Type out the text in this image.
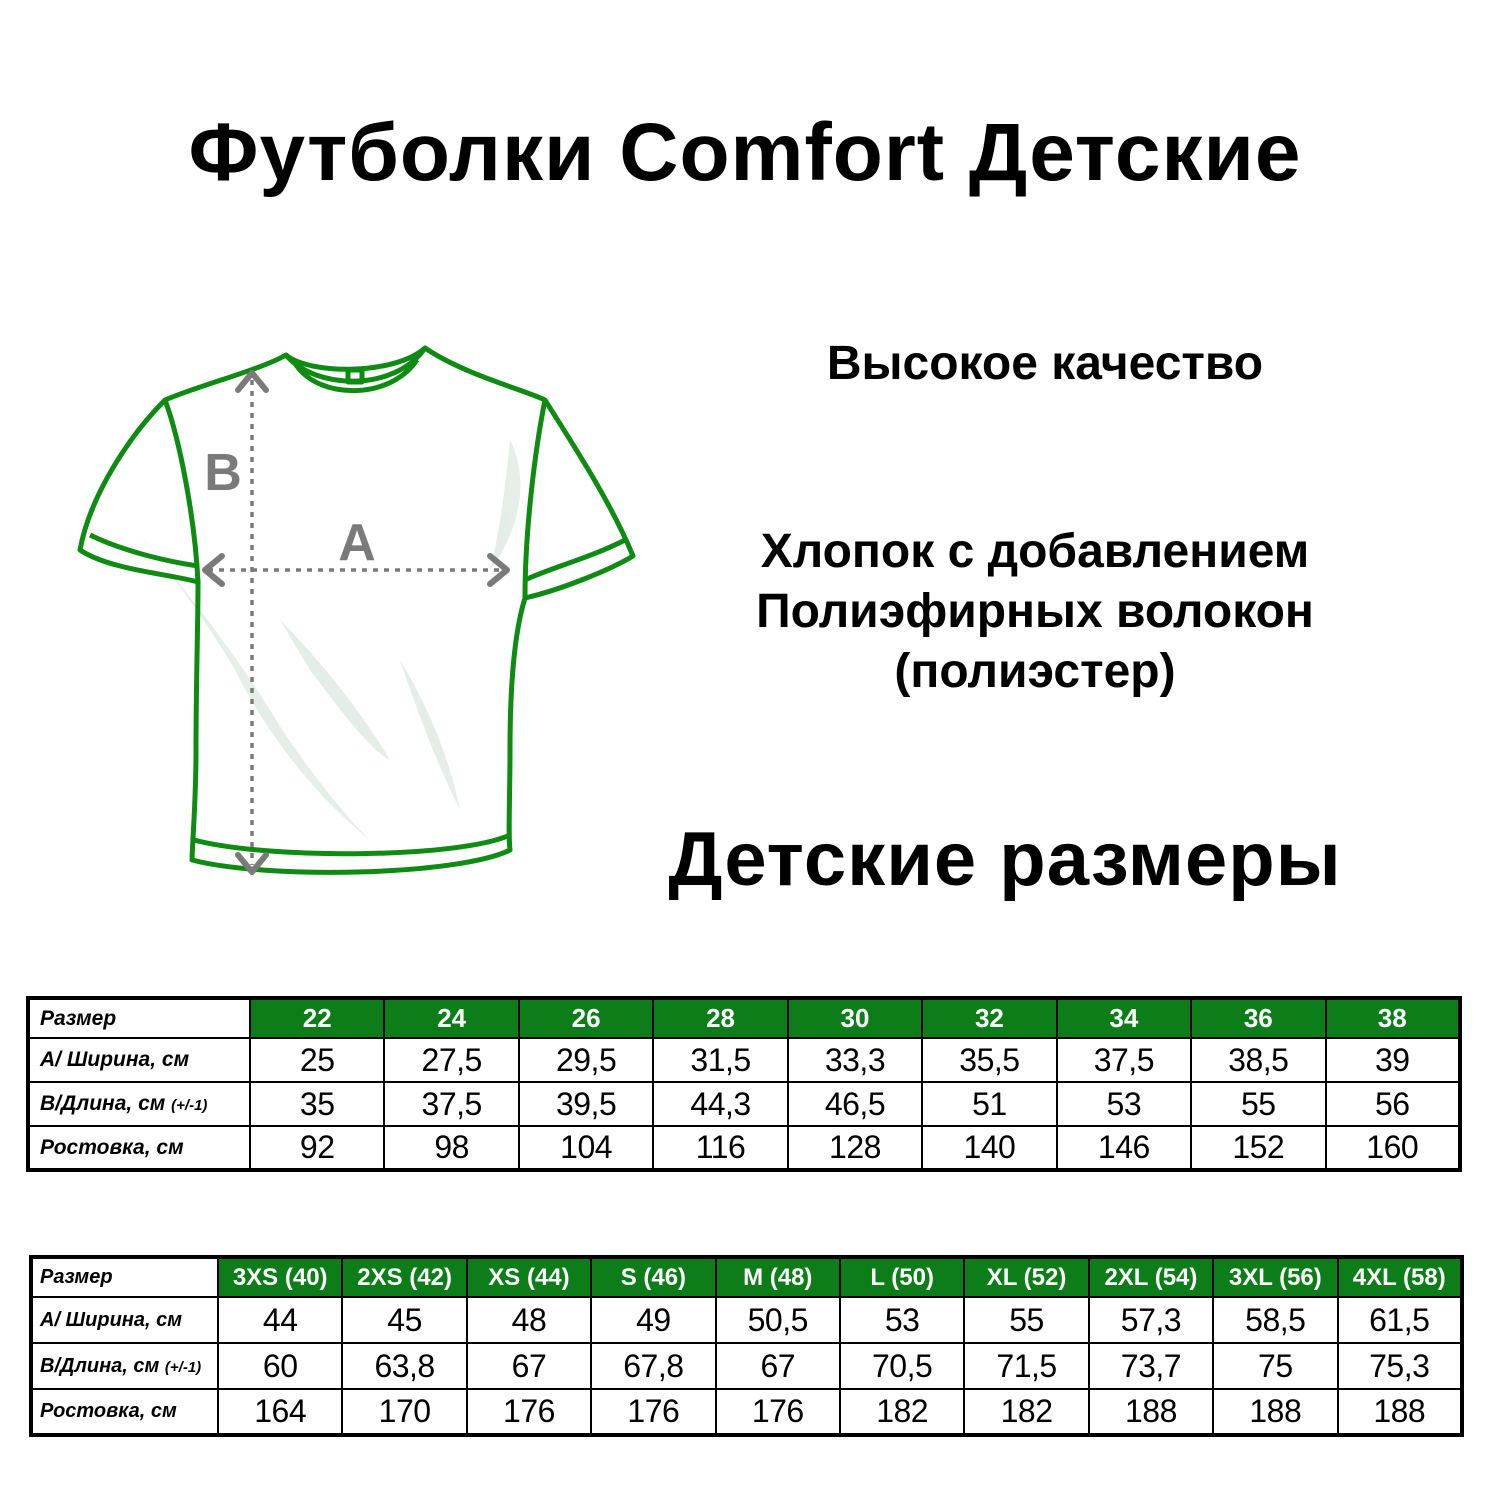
Футболки Comfort Детские
B
A
Высокое качество
Хлопок с добавлением
Полиэфирных волокон
(полиэстер)
Детские размеры
Размер	22	24	26	28	30	32	34	36	38
A/ Ширина, см	25	27,5	29,5	31,5	33,3	35,5	37,5	38,5	39
B/Длина, см (+/-1)	35	37,5	39,5	44,3	46,5	51	53	55	56
Ростовка, см	92	98	104	116	128	140	146	152	160
Размер	3XS (40)	2XS (42)	XS (44)	S (46)	M (48)	L (50)	XL (52)	2XL (54)	3XL (56)	4XL (58)
A/ Ширина, см	44	45	48	49	50,5	53	55	57,3	58,5	61,5
B/Длина, см (+/-1)	60	63,8	67	67,8	67	70,5	71,5	73,7	75	75,3
Ростовка, см	164	170	176	176	176	182	182	188	188	188
